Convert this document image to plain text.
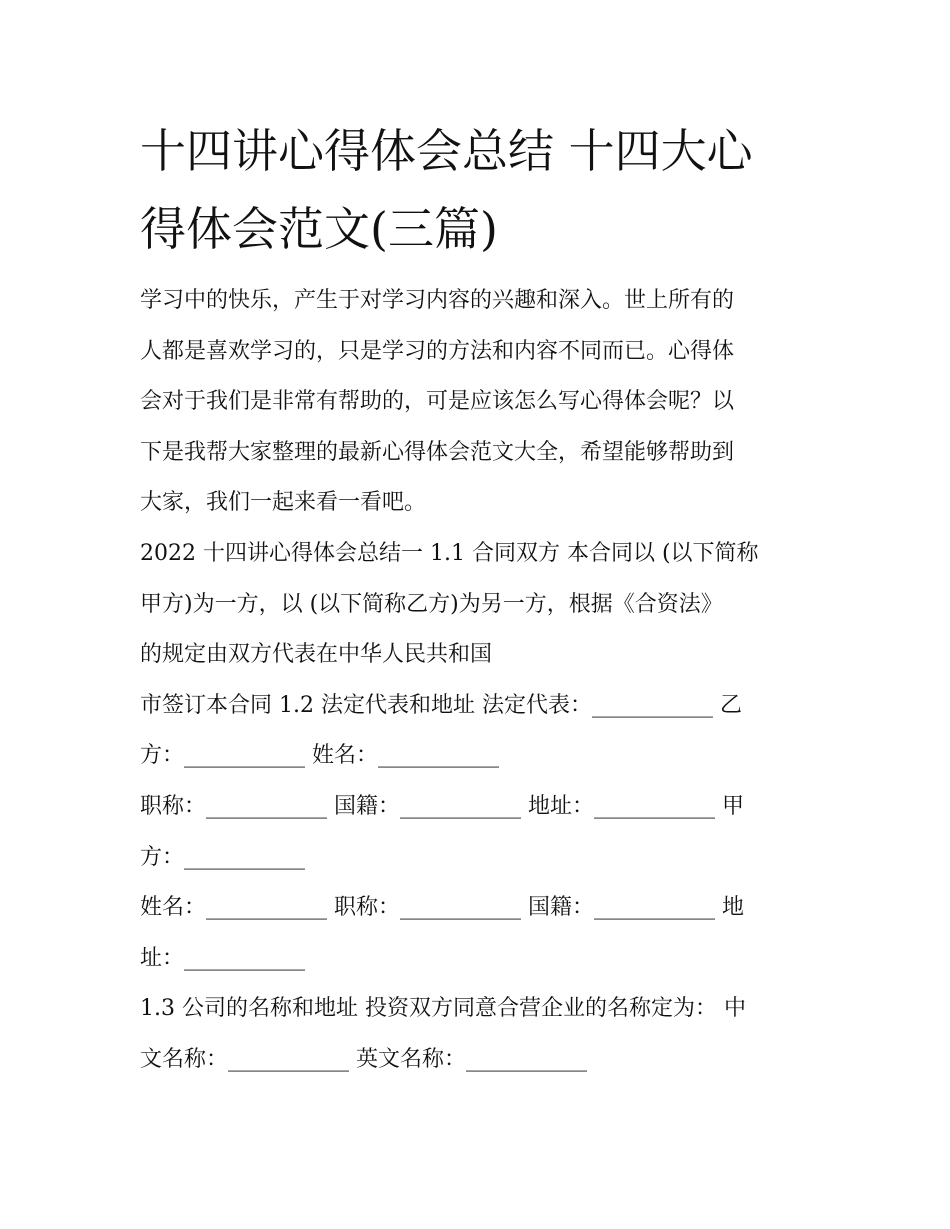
十四讲心得体会总结 十四大心
得体会范文(三篇)
学习中的快乐，产生于对学习内容的兴趣和深入。世上所有的
人都是喜欢学习的，只是学习的方法和内容不同而已。心得体
会对于我们是非常有帮助的，可是应该怎么写心得体会呢？以
下是我帮大家整理的最新心得体会范文大全，希望能够帮助到
大家，我们一起来看一看吧。
2022 十四讲心得体会总结一 1.1 合同双方 本合同以 (以下简称
甲方)为一方，以 (以下简称乙方)为另一方，根据《合资法》
的规定由双方代表在中华人民共和国
市签订本合同 1.2 法定代表和地址 法定代表：___________ 乙
方：___________ 姓名：___________
职称：___________ 国籍：___________ 地址：___________ 甲
方：___________
姓名：___________ 职称：___________ 国籍：___________ 地
址：___________
1.3 公司的名称和地址 投资双方同意合营企业的名称定为： 中
文名称：___________ 英文名称：___________
